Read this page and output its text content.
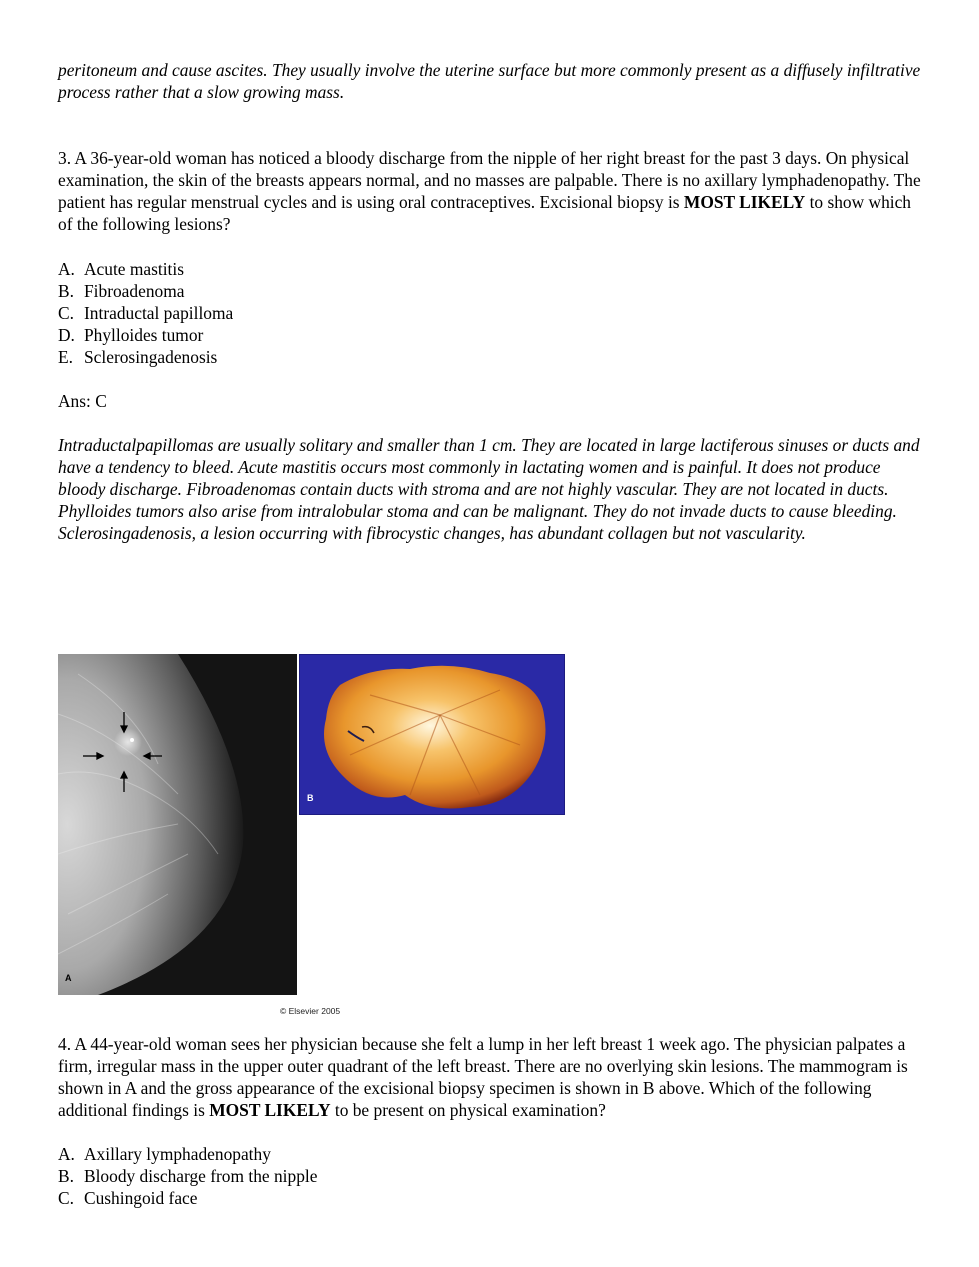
peritoneum and cause ascites. They usually involve the uterine surface but more commonly present as a diffusely infiltrative process rather that a slow growing mass.

3. A 36-year-old woman has noticed a bloody discharge from the nipple of her right breast for the past 3 days. On physical examination, the skin of the breasts appears normal, and no masses are palpable. There is no axillary lymphadenopathy. The patient has regular menstrual cycles and is using oral contraceptives. Excisional biopsy is MOST LIKELY to show which of the following lesions?

A. Acute mastitis
B. Fibroadenoma
C. Intraductal papilloma
D. Phylloides tumor
E. Sclerosingadenosis
Ans: C

Intraductalpapillomas are usually solitary and smaller than 1 cm. They are located in large lactiferous sinuses or ducts and have a tendency to bleed. Acute mastitis occurs most commonly in lactating women and is painful. It does not produce bloody discharge. Fibroadenomas contain ducts with stroma and are not highly vascular. They are not located in ducts. Phylloides tumors also arise from intralobular stoma and can be malignant. They do not invade ducts to cause bleeding. Sclerosingadenosis, a lesion occurring with fibrocystic changes, has abundant collagen but not vascularity.

A
B
© Elsevier 2005

4. A 44-year-old woman sees her physician because she felt a lump in her left breast 1 week ago. The physician palpates a firm, irregular mass in the upper outer quadrant of the left breast. There are no overlying skin lesions. The mammogram is shown in A and the gross appearance of the excisional biopsy specimen is shown in B above. Which of the following additional findings is MOST LIKELY to be present on physical examination?

A. Axillary lymphadenopathy
B. Bloody discharge from the nipple
C. Cushingoid face
